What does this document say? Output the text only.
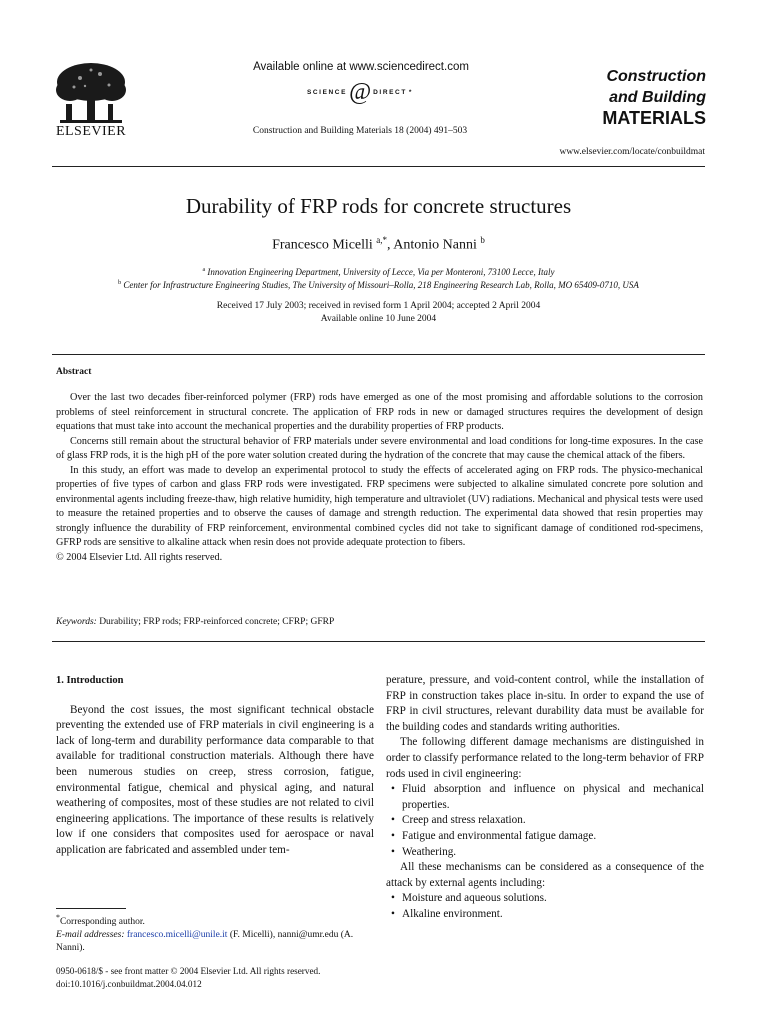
ELSEVIER
Available online at www.sciencedirect.com
SCIENCE @ DIRECT *
Construction and Building Materials 18 (2004) 491–503
Construction
and Building
MATERIALS
www.elsevier.com/locate/conbuildmat
Durability of FRP rods for concrete structures
Francesco Micelli $^{a,*}$, Antonio Nanni $^b$
$^a$ Innovation Engineering Department, University of Lecce, Via per Monteroni, 73100 Lecce, Italy
$^b$ Center for Infrastructure Engineering Studies, The University of Missouri–Rolla, 218 Engineering Research Lab, Rolla, MO 65409-0710, USA
Received 17 July 2003; received in revised form 1 April 2004; accepted 2 April 2004
Available online 10 June 2004
Abstract

Over the last two decades fiber-reinforced polymer (FRP) rods have emerged as one of the most promising and affordable solutions to the corrosion problems of steel reinforcement in structural concrete. The application of FRP rods in new or damaged structures requires the development of design equations that must take into account the mechanical properties and the durability properties of FRP products.

Concerns still remain about the structural behavior of FRP materials under severe environmental and load conditions for long-time exposures. In the case of glass FRP rods, it is the high pH of the pore water solution created during the hydration of the concrete that may cause the chemical attack of the fibers.

In this study, an effort was made to develop an experimental protocol to study the effects of accelerated aging on FRP rods. The physico-mechanical properties of five types of carbon and glass FRP rods were investigated. FRP specimens were subjected to alkaline simulated concrete pore solution and environmental agents including freeze-thaw, high relative humidity, high temperature and ultraviolet (UV) radiations. Mechanical and physical tests were used to measure the retained properties and to observe the causes of damage and strength reduction. The experimental data showed that resin properties may strongly influence the durability of FRP reinforcement, environmental combined cycles did not take to significant damage of conditioned rod-specimens, GFRP rods are sensitive to alkaline attack when resin does not provide adequate protection to fibers.

© 2004 Elsevier Ltd. All rights reserved.

Keywords: Durability; FRP rods; FRP-reinforced concrete; CFRP; GFRP
1. Introduction

Beyond the cost issues, the most significant technical obstacle preventing the extended use of FRP materials in civil engineering is a lack of long-term and durability performance data comparable to that available for traditional construction materials. Although there have been numerous studies on creep, stress corrosion, fatigue, environmental fatigue, chemical and physical aging, and natural weathering of composites, most of these studies are not related to civil engineering applications. The importance of these results is relatively low if one considers that composites used for aerospace or naval application are fabricated and assembled under tem-

perature, pressure, and void-content control, while the installation of FRP in construction takes place in-situ. In order to expand the use of FRP in civil structures, relevant durability data must be available for the building codes and standards writing authorities.

The following different damage mechanisms are distinguished in order to classify performance related to the long-term behavior of FRP rods used in civil engineering:

• Fluid absorption and influence on physical and mechanical properties.
• Creep and stress relaxation.
• Fatigue and environmental fatigue damage.
• Weathering.

All these mechanisms can be considered as a consequence of the attack by external agents including:

• Moisture and aqueous solutions.
• Alkaline environment.
*Corresponding author.
E-mail addresses: francesco.micelli@unile.it (F. Micelli), nanni@umr.edu (A. Nanni).
0950-0618/$ - see front matter © 2004 Elsevier Ltd. All rights reserved.
doi:10.1016/j.conbuildmat.2004.04.012
